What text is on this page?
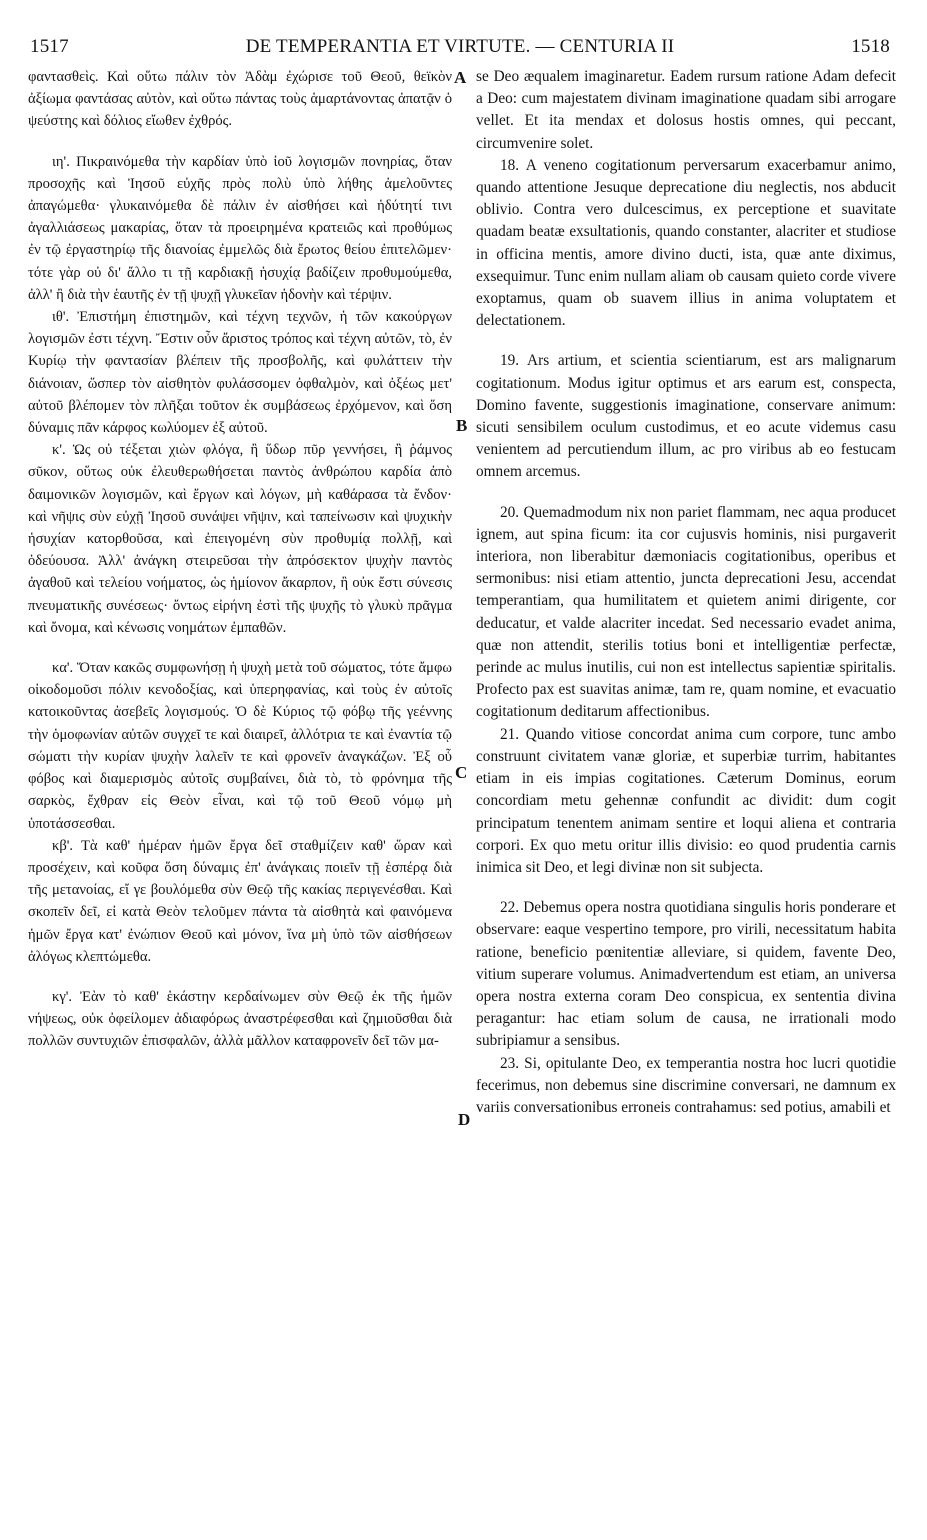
1517	DE TEMPERANTIA ET VIRTUTE. — CENTURIA II	1518

φαντασθεὶς. Καὶ οὕτω πάλιν τὸν Ἀδὰμ ἐχώρισε τοῦ Θεοῦ, θεϊκὸν ἀξίωμα φαντάσας αὐτὸν, καὶ οὕτω πάντας τοὺς ἁμαρτάνοντας ἀπατᾷν ὁ ψεύστης καὶ δόλιος εἴωθεν ἐχθρός.

ιη'. Πικραινόμεθα τὴν καρδίαν ὑπὸ ἰοῦ λογισμῶν πονηρίας, ὅταν προσοχῆς καὶ Ἰησοῦ εὐχῆς πρὸς πολὺ ὑπὸ λήθης ἀμελοῦντες ἀπαγώμεθα· γλυκαινόμεθα δὲ πάλιν ἐν αἰσθήσει καὶ ἡδύτητί τινι ἀγαλλιάσεως μακαρίας, ὅταν τὰ προειρημένα κρατειῶς καὶ προθύμως ἐν τῷ ἐργαστηρίῳ τῆς διανοίας ἐμμελῶς διὰ ἔρωτος θείου ἐπιτελῶμεν· τότε γὰρ οὐ δι' ἄλλο τι τῇ καρδιακῇ ἡσυχίᾳ βαδίζειν προθυμούμεθα, ἀλλ' ἢ διὰ τὴν ἑαυτῆς ἐν τῇ ψυχῇ γλυκεῖαν ἡδονὴν καὶ τέρψιν.

ιθ'. Ἐπιστήμη ἐπιστημῶν, καὶ τέχνη τεχνῶν, ἡ τῶν κακούργων λογισμῶν ἐστι τέχνη. Ἔστιν οὖν ἄριστος τρόπος καὶ τέχνη αὐτῶν, τὸ, ἐν Κυρίῳ τὴν φαντασίαν βλέπειν τῆς προσβολῆς, καὶ φυλάττειν τὴν διάνοιαν, ὥσπερ τὸν αἰσθητὸν φυλάσσομεν ὀφθαλμὸν, καὶ ὀξέως μετ' αὐτοῦ βλέπομεν τὸν πλῆξαι τοῦτον ἐκ συμβάσεως ἐρχόμενον, καὶ ὅση δύναμις πᾶν κάρφος κωλύομεν ἐξ αὐτοῦ.

κ'. Ὡς οὐ τέξεται χιὼν φλόγα, ἢ ὕδωρ πῦρ γεννήσει, ἢ ῥάμνος σῦκον, οὕτως οὐκ ἐλευθερωθήσεται παντὸς ἀνθρώπου καρδία ἀπὸ δαιμονικῶν λογισμῶν, καὶ ἔργων καὶ λόγων, μὴ καθάρασα τὰ ἔνδον· καὶ νῆψις σὺν εὐχῇ Ἰησοῦ συνάψει νῆψιν, καὶ ταπείνωσιν καὶ ψυχικὴν ἡσυχίαν κατορθοῦσα, καὶ ἐπειγομένη σὺν προθυμίᾳ πολλῇ, καὶ ὁδεύουσα. Ἀλλ' ἀνάγκη στειρεῦσαι τὴν ἀπρόσεκτον ψυχὴν παντὸς ἀγαθοῦ καὶ τελείου νοήματος, ὡς ἡμίονον ἄκαρπον, ἢ οὐκ ἔστι σύνεσις πνευματικῆς συνέσεως· ὄντως εἰρήνη ἐστὶ τῆς ψυχῆς τὸ γλυκὺ πρᾶγμα καὶ ὄνομα, καὶ κένωσις νοημάτων ἐμπαθῶν.

κα'. Ὅταν κακῶς συμφωνήσῃ ἡ ψυχὴ μετὰ τοῦ σώματος, τότε ἄμφω οἰκοδομοῦσι πόλιν κενοδοξίας, καὶ ὑπερηφανίας, καὶ τοὺς ἐν αὐτοῖς κατοικοῦντας ἀσεβεῖς λογισμούς. Ὁ δὲ Κύριος τῷ φόβῳ τῆς γεέννης τὴν ὁμοφωνίαν αὐτῶν συγχεῖ τε καὶ διαιρεῖ, ἀλλότρια τε καὶ ἐναντία τῷ σώματι τὴν κυρίαν ψυχὴν λαλεῖν τε καὶ φρονεῖν ἀναγκάζων. Ἐξ οὗ φόβος καὶ διαμερισμὸς αὐτοῖς συμβαίνει, διὰ τὸ, τὸ φρόνημα τῆς σαρκὸς, ἔχθραν εἰς Θεὸν εἶναι, καὶ τῷ τοῦ Θεοῦ νόμῳ μὴ ὑποτάσσεσθαι.

κβ'. Τὰ καθ' ἡμέραν ἡμῶν ἔργα δεῖ σταθμίζειν καθ' ὥραν καὶ προσέχειν, καὶ κοῦφα ὅση δύναμις ἐπ' ἀνάγκαις ποιεῖν τῇ ἑσπέρᾳ διὰ τῆς μετανοίας, εἴ γε βουλόμεθα σὺν Θεῷ τῆς κακίας περιγενέσθαι. Καὶ σκοπεῖν δεῖ, εἰ κατὰ Θεὸν τελοῦμεν πάντα τὰ αἰσθητὰ καὶ φαινόμενα ἡμῶν ἔργα κατ' ἐνώπιον Θεοῦ καὶ μόνον, ἵνα μὴ ὑπὸ τῶν αἰσθήσεων ἀλόγως κλεπτώμεθα.

κγ'. Ἐὰν τὸ καθ' ἑκάστην κερδαίνωμεν σὺν Θεῷ ἐκ τῆς ἡμῶν νήψεως, οὐκ ὀφείλομεν ἀδιαφόρως ἀναστρέφεσθαι καὶ ζημιοῦσθαι διὰ πολλῶν συντυχιῶν ἐπισφαλῶν, ἀλλὰ μᾶλλον καταφρονεῖν δεῖ τῶν μα-

se Deo æqualem imaginaretur. Eadem rursum ratione Adam defecit a Deo: cum majestatem divinam imaginatione quadam sibi arrogare vellet. Et ita mendax et dolosus hostis omnes, qui peccant, circumvenire solet.

18. A veneno cogitationum perversarum exacerbamur animo, quando attentione Jesuque deprecatione diu neglectis, nos abducit oblivio. Contra vero dulcescimus, ex perceptione et suavitate quadam beatæ exsultationis, quando constanter, alacriter et studiose in officina mentis, amore divino ducti, ista, quæ ante diximus, exsequimur. Tunc enim nullam aliam ob causam quieto corde vivere exoptamus, quam ob suavem illius in anima voluptatem et delectationem.

19. Ars artium, et scientia scientiarum, est ars malignarum cogitationum. Modus igitur optimus et ars earum est, conspecta, Domino favente, suggestionis imaginatione, conservare animum: sicuti sensibilem oculum custodimus, et eo acute videmus casu venientem ad percutiendum illum, ac pro viribus ab eo festucam omnem arcemus.

20. Quemadmodum nix non pariet flammam, nec aqua producet ignem, aut spina ficum: ita cor cujusvis hominis, nisi purgaverit interiora, non liberabitur dæmoniacis cogitationibus, operibus et sermonibus: nisi etiam attentio, juncta deprecationi Jesu, accendat temperantiam, qua humilitatem et quietem animi dirigente, cor deducatur, et valde alacriter incedat. Sed necessario evadet anima, quæ non attendit, sterilis totius boni et intelligentiæ perfectæ, perinde ac mulus inutilis, cui non est intellectus sapientiæ spiritalis. Profecto pax est suavitas animæ, tam re, quam nomine, et evacuatio cogitationum deditarum affectionibus.

21. Quando vitiose concordat anima cum corpore, tunc ambo construunt civitatem vanæ gloriæ, et superbiæ turrim, habitantes etiam in eis impias cogitationes. Cæterum Dominus, eorum concordiam metu gehennæ confundit ac dividit: dum cogit principatum tenentem animam sentire et loqui aliena et contraria corpori. Ex quo metu oritur illis divisio: eo quod prudentia carnis inimica sit Deo, et legi divinæ non sit subjecta.

22. Debemus opera nostra quotidiana singulis horis ponderare et observare: eaque vespertino tempore, pro virili, necessitatum habita ratione, beneficio pœnitentiæ alleviare, si quidem, favente Deo, vitium superare volumus. Animadvertendum est etiam, an universa opera nostra externa coram Deo conspicua, ex sententia divina peragantur: hac etiam solum de causa, ne irrationali modo subripiamur a sensibus.

23. Si, opitulante Deo, ex temperantia nostra hoc lucri quotidie fecerimus, non debemus sine discrimine conversari, ne damnum ex variis conversationibus erroneis contrahamus: sed potius, amabili et

A
B
C
D
